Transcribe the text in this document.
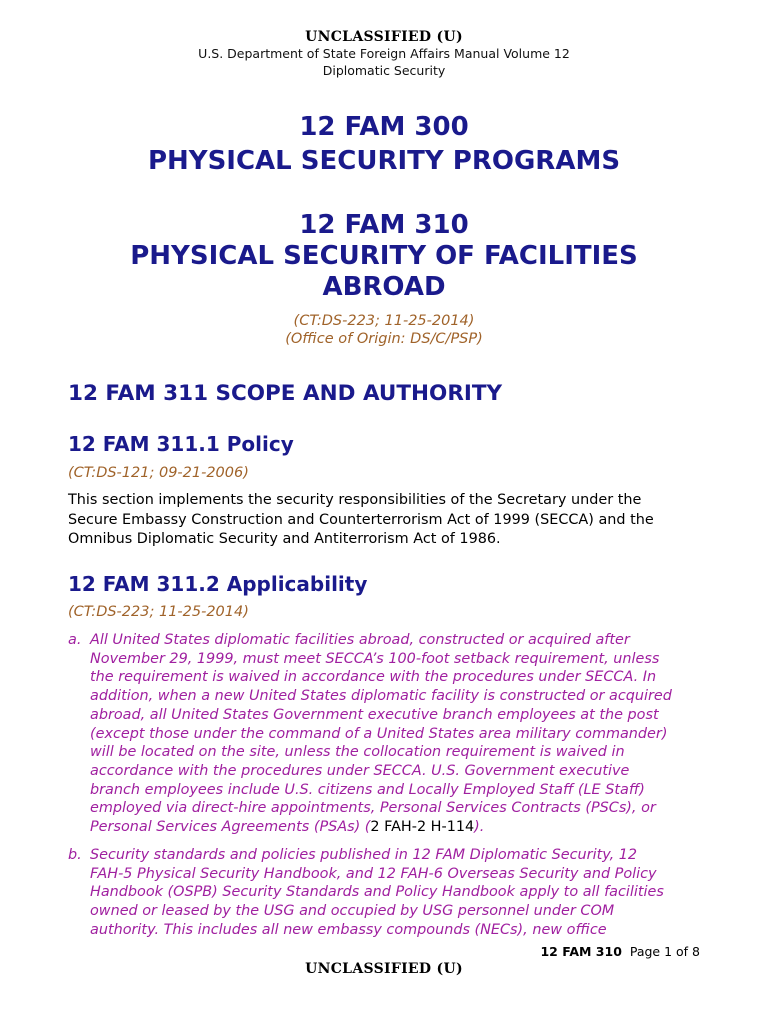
UNCLASSIFIED (U)
U.S. Department of State Foreign Affairs Manual Volume 12
Diplomatic Security
12 FAM 300
PHYSICAL SECURITY PROGRAMS
12 FAM 310
PHYSICAL SECURITY OF FACILITIES
ABROAD
(CT:DS-223; 11-25-2014)
(Office of Origin: DS/C/PSP)
12 FAM 311 SCOPE AND AUTHORITY
12 FAM 311.1 Policy
(CT:DS-121; 09-21-2006)
This section implements the security responsibilities of the Secretary under the
Secure Embassy Construction and Counterterrorism Act of 1999 (SECCA) and the
Omnibus Diplomatic Security and Antiterrorism Act of 1986.
12 FAM 311.2 Applicability
(CT:DS-223; 11-25-2014)
a. All United States diplomatic facilities abroad, constructed or acquired after
November 29, 1999, must meet SECCA’s 100-foot setback requirement, unless
the requirement is waived in accordance with the procedures under SECCA. In
addition, when a new United States diplomatic facility is constructed or acquired
abroad, all United States Government executive branch employees at the post
(except those under the command of a United States area military commander)
will be located on the site, unless the collocation requirement is waived in
accordance with the procedures under SECCA. U.S. Government executive
branch employees include U.S. citizens and Locally Employed Staff (LE Staff)
employed via direct-hire appointments, Personal Services Contracts (PSCs), or
Personal Services Agreements (PSAs) (2 FAH-2 H-114).
b. Security standards and policies published in 12 FAM Diplomatic Security, 12
FAH-5 Physical Security Handbook, and 12 FAH-6 Overseas Security and Policy
Handbook (OSPB) Security Standards and Policy Handbook apply to all facilities
owned or leased by the USG and occupied by USG personnel under COM
authority. This includes all new embassy compounds (NECs), new office
12 FAM 310 Page 1 of 8
UNCLASSIFIED (U)
